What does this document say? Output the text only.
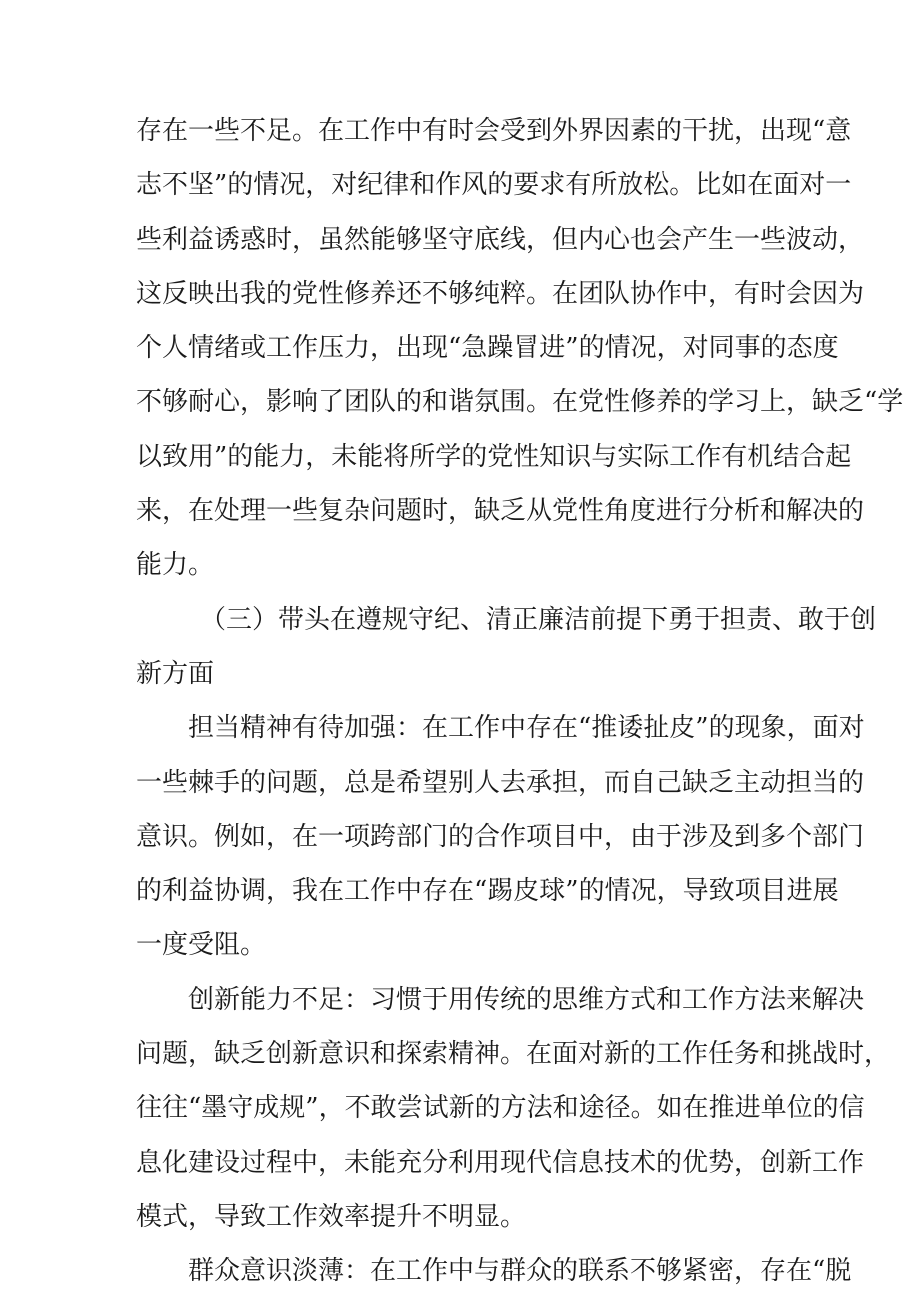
存在一些不足。在工作中有时会受到外界因素的干扰，出现“意
志不坚”的情况，对纪律和作风的要求有所放松。比如在面对一
些利益诱惑时，虽然能够坚守底线，但内心也会产生一些波动，
这反映出我的党性修养还不够纯粹。在团队协作中，有时会因为
个人情绪或工作压力，出现“急躁冒进”的情况，对同事的态度
不够耐心，影响了团队的和谐氛围。在党性修养的学习上，缺乏“学
以致用”的能力，未能将所学的党性知识与实际工作有机结合起
来，在处理一些复杂问题时，缺乏从党性角度进行分析和解决的
能力。
（三）带头在遵规守纪、清正廉洁前提下勇于担责、敢于创
新方面
担当精神有待加强：在工作中存在“推诿扯皮”的现象，面对
一些棘手的问题，总是希望别人去承担，而自己缺乏主动担当的
意识。例如，在一项跨部门的合作项目中，由于涉及到多个部门
的利益协调，我在工作中存在“踢皮球”的情况，导致项目进展
一度受阻。
创新能力不足：习惯于用传统的思维方式和工作方法来解决
问题，缺乏创新意识和探索精神。在面对新的工作任务和挑战时，
往往“墨守成规”，不敢尝试新的方法和途径。如在推进单位的信
息化建设过程中，未能充分利用现代信息技术的优势，创新工作
模式，导致工作效率提升不明显。
群众意识淡薄：在工作中与群众的联系不够紧密，存在“脱
